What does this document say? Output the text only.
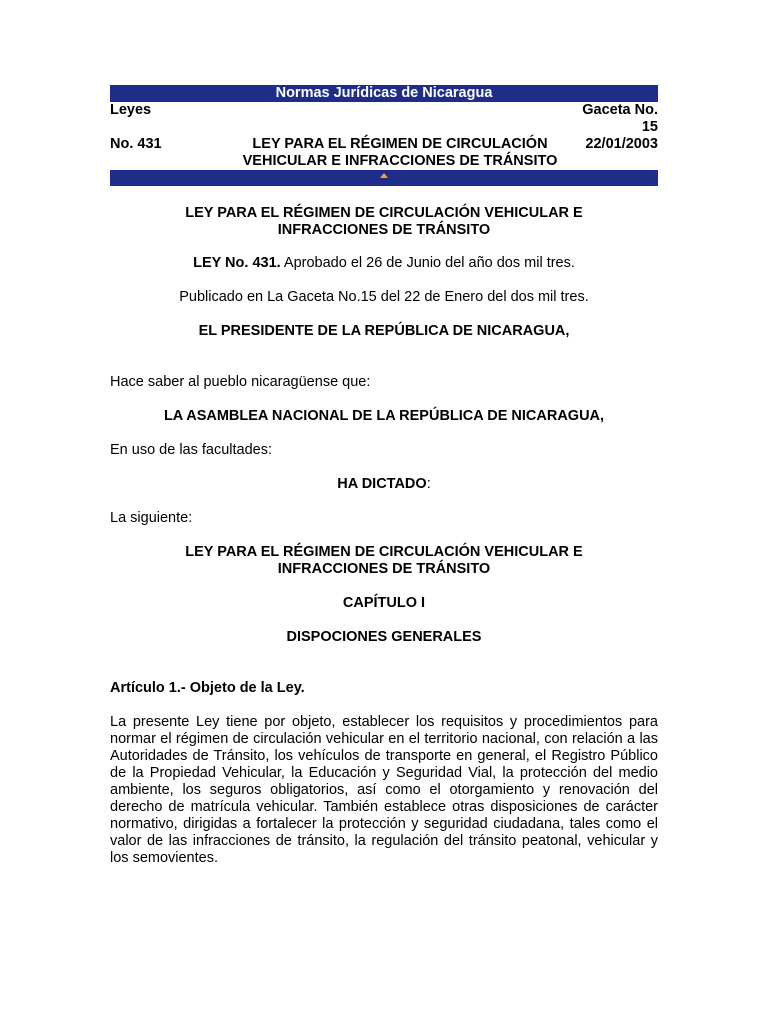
Normas Jurídicas de Nicaragua
Leyes	Gaceta No.
15
No. 431	LEY PARA EL RÉGIMEN DE CIRCULACIÓN
VEHICULAR E INFRACCIONES DE TRÁNSITO
22/01/2003

LEY PARA EL RÉGIMEN DE CIRCULACIÓN VEHICULAR E
INFRACCIONES DE TRÁNSITO

LEY No. 431. Aprobado el 26 de Junio del año dos mil tres.

Publicado en La Gaceta No.15 del 22 de Enero del dos mil tres.

EL PRESIDENTE DE LA REPÚBLICA DE NICARAGUA,

Hace saber al pueblo nicaragüense que:

LA ASAMBLEA NACIONAL DE LA REPÚBLICA DE NICARAGUA,

En uso de las facultades:

HA DICTADO:

La siguiente:

LEY PARA EL RÉGIMEN DE CIRCULACIÓN VEHICULAR E
INFRACCIONES DE TRÁNSITO

CAPÍTULO I

DISPOCIONES GENERALES

Artículo 1.- Objeto de la Ley.

La presente Ley tiene por objeto, establecer los requisitos y procedimientos para normar el régimen de circulación vehicular en el territorio nacional, con relación a las Autoridades de Tránsito, los vehículos de transporte en general, el Registro Público de la Propiedad Vehicular, la Educación y Seguridad Vial, la protección del medio ambiente, los seguros obligatorios, así como el otorgamiento y renovación del derecho de matrícula vehicular. También establece otras disposiciones de carácter normativo, dirigidas a fortalecer la protección y seguridad ciudadana, tales como el valor de las infracciones de tránsito, la regulación del tránsito peatonal, vehicular y los semovientes.
